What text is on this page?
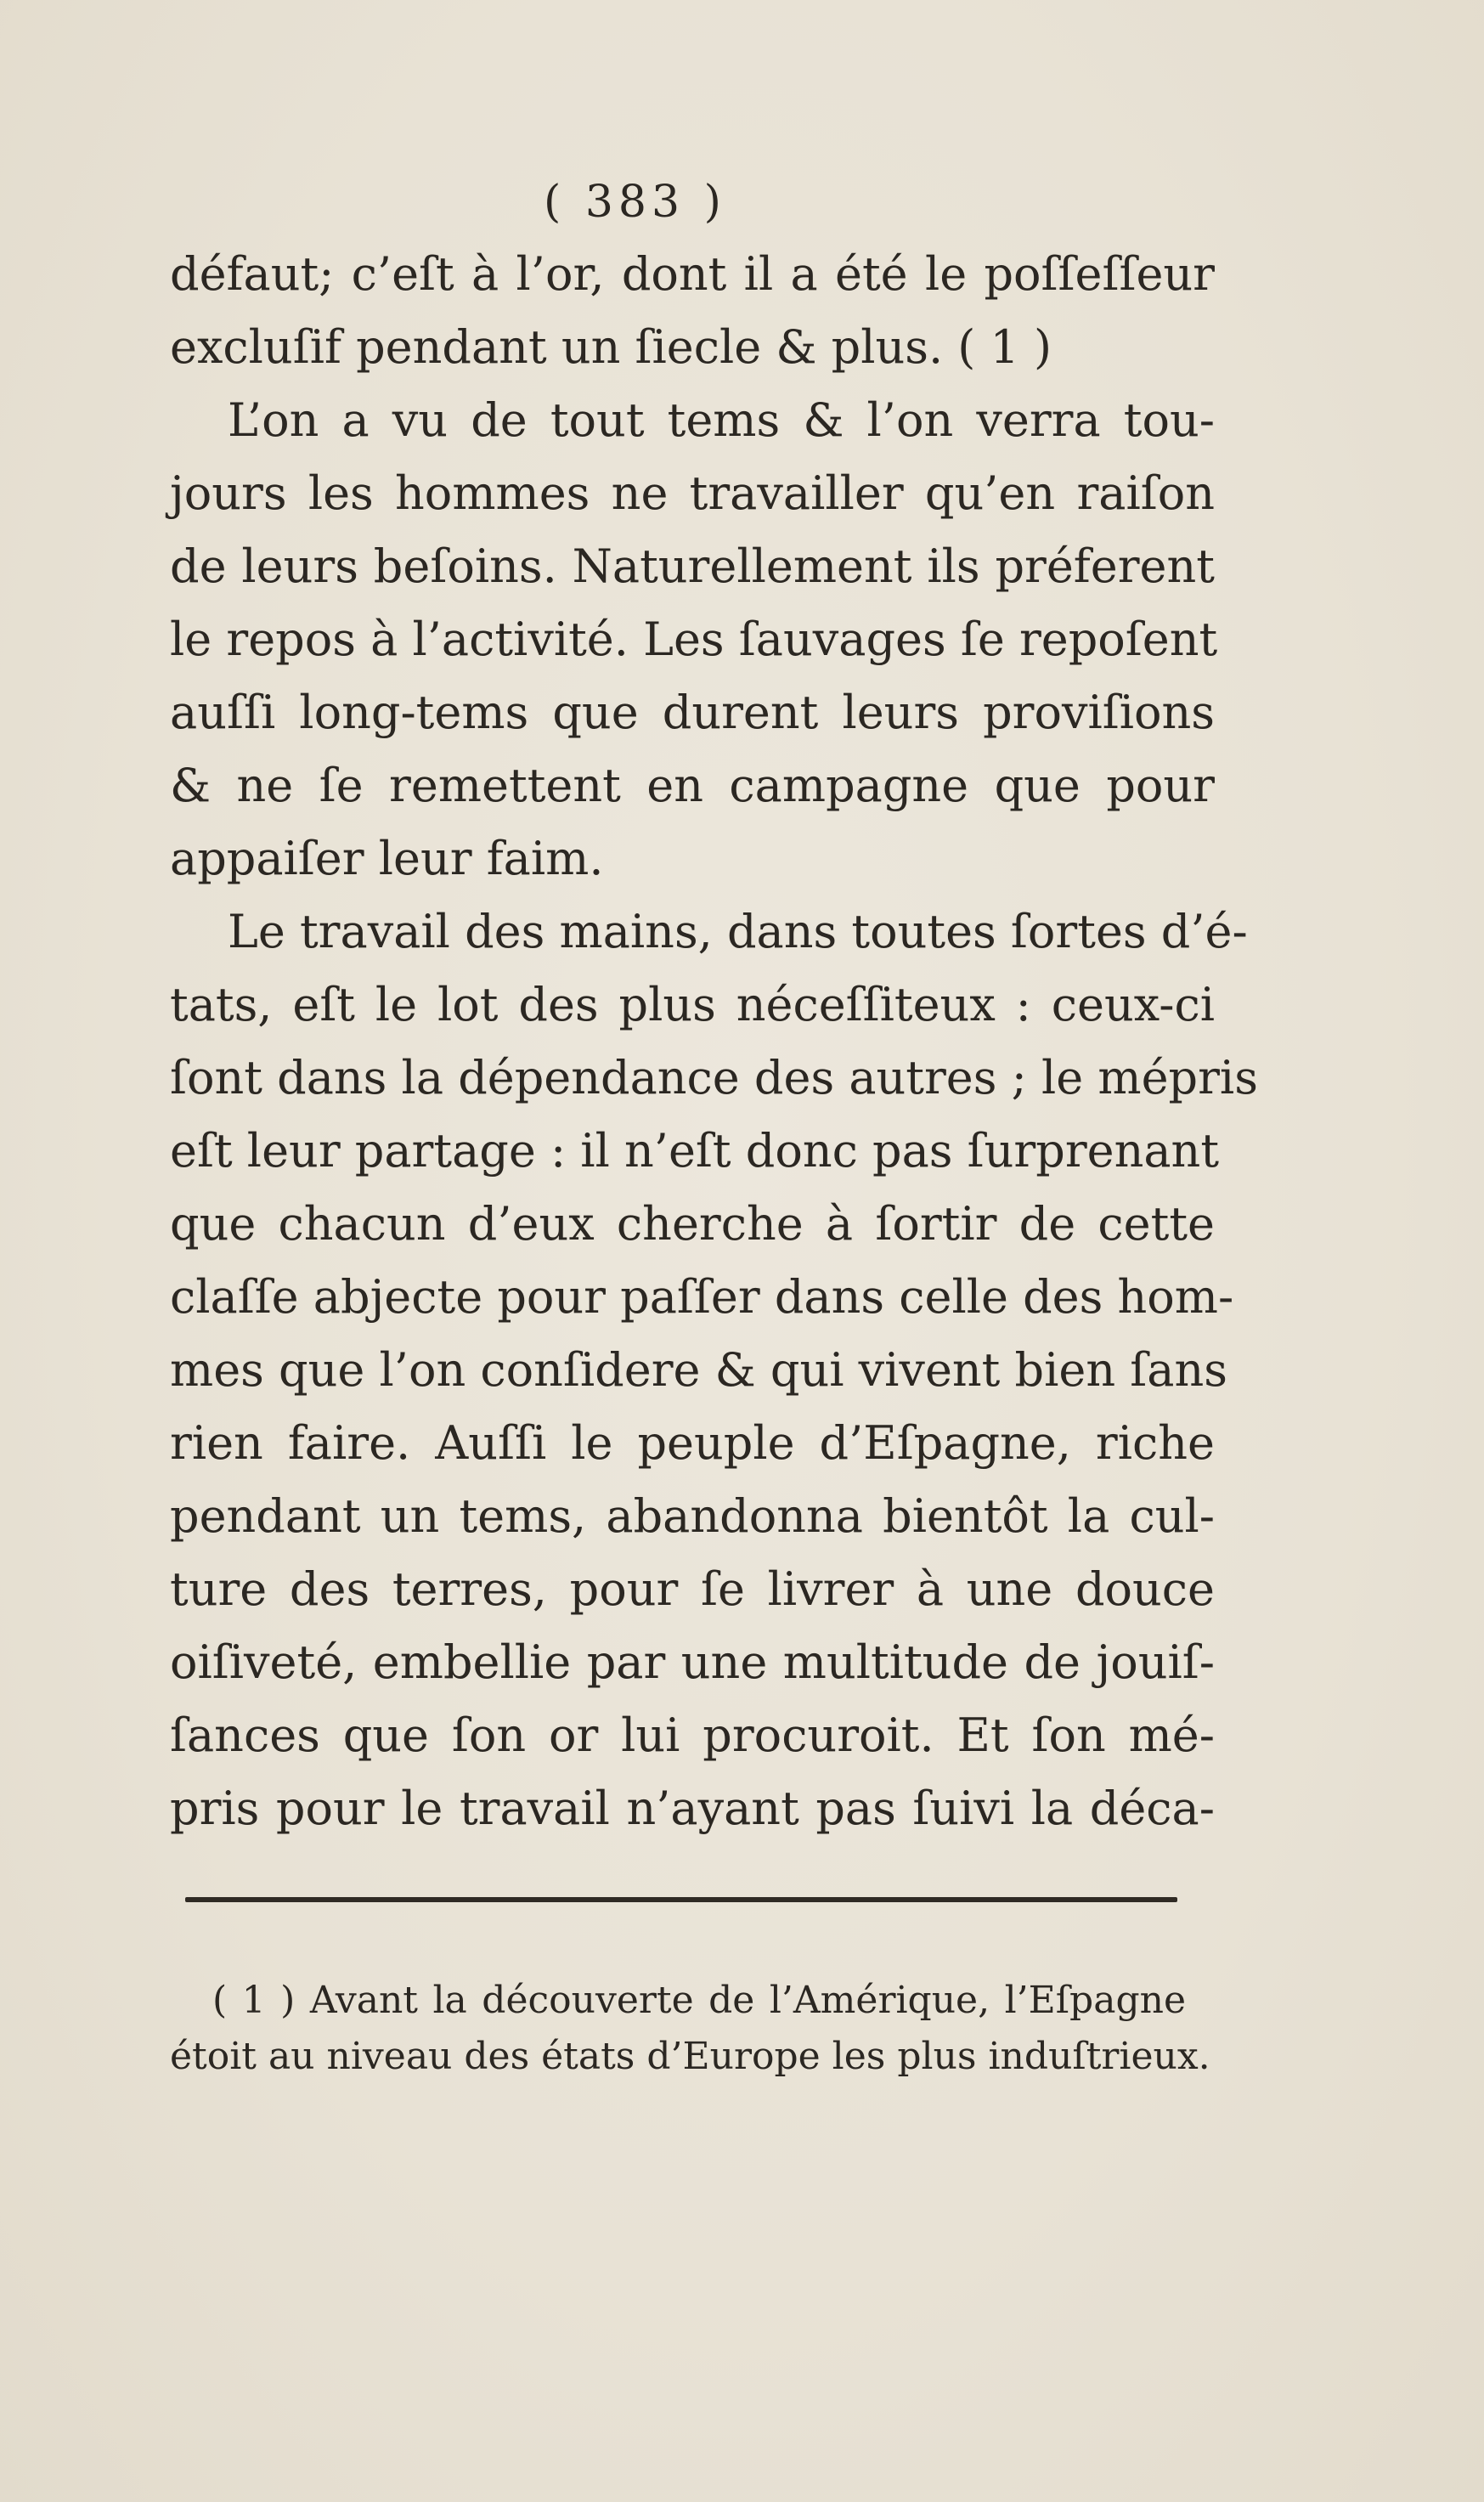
( 383 )
défaut; c’eſt à l’or, dont il a été le poſſeſſeur
excluſif pendant un ſiecle & plus. ( 1 )
L’on a vu de tout tems & l’on verra tou-
jours les hommes ne travailler qu’en raiſon
de leurs beſoins. Naturellement ils préferent
le repos à l’activité. Les ſauvages ſe repoſent
auſſi long-tems que durent leurs proviſions
& ne ſe remettent en campagne que pour
appaiſer leur faim.
Le travail des mains, dans toutes ſortes d’é-
tats, eſt le lot des plus néceſſiteux : ceux-ci
ſont dans la dépendance des autres ; le mépris
eſt leur partage : il n’eſt donc pas ſurprenant
que chacun d’eux cherche à ſortir de cette
claſſe abjecte pour paſſer dans celle des hom-
mes que l’on conſidere & qui vivent bien ſans
rien faire. Auſſi le peuple d’Eſpagne, riche
pendant un tems, abandonna bientôt la cul-
ture des terres, pour ſe livrer à une douce
oiſiveté, embellie par une multitude de jouiſ-
ſances que ſon or lui procuroit. Et ſon mé-
pris pour le travail n’ayant pas ſuivi la déca-
( 1 ) Avant la découverte de l’Amérique, l’Eſpagne
étoit au niveau des états d’Europe les plus induſtrieux.
